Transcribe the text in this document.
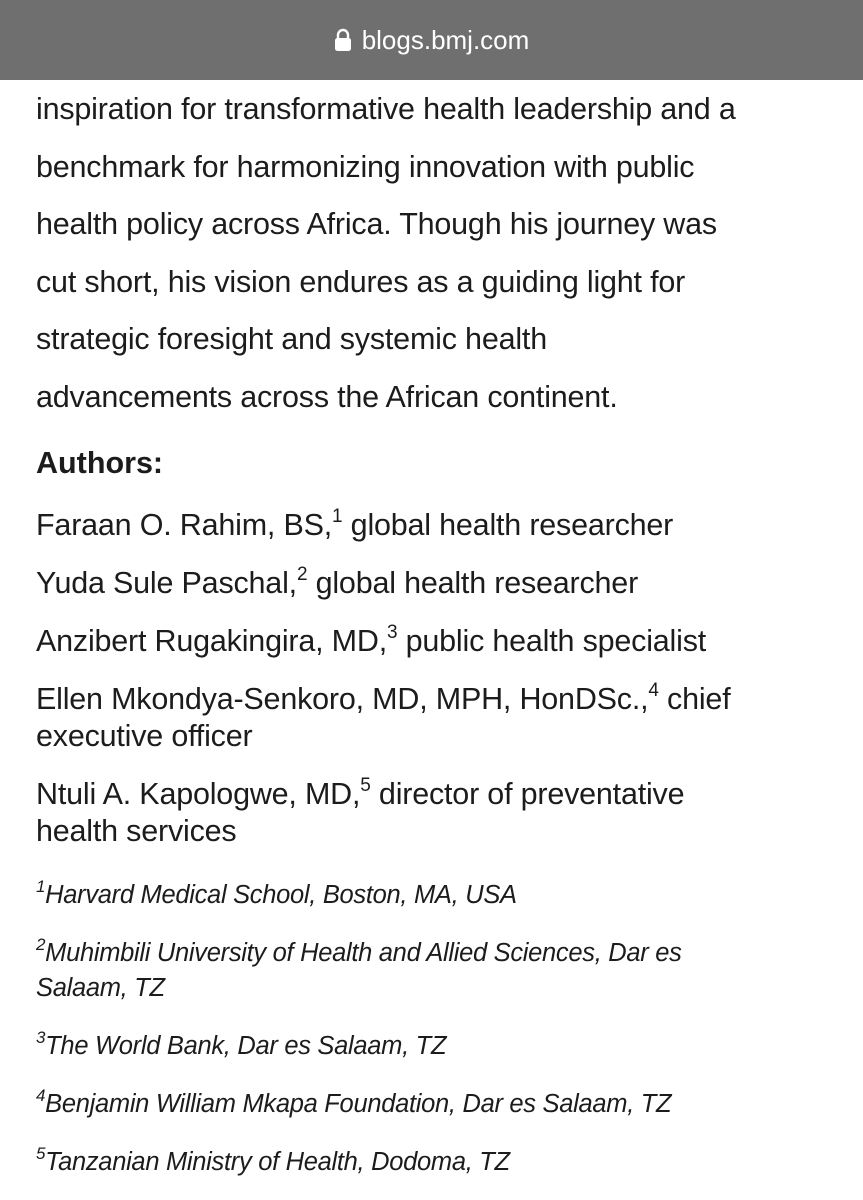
blogs.bmj.com

inspiration for transformative health leadership and a
benchmark for harmonizing innovation with public
health policy across Africa. Though his journey was
cut short, his vision endures as a guiding light for
strategic foresight and systemic health
advancements across the African continent.

Authors:
Faraan O. Rahim, BS,$^1$ global health researcher
Yuda Sule Paschal,$^2$ global health researcher
Anzibert Rugakingira, MD,$^3$ public health specialist
Ellen Mkondya-Senkoro, MD, MPH, HonDSc.,$^4$ chief
executive officer
Ntuli A. Kapologwe, MD,$^5$ director of preventative
health services
$^1$Harvard Medical School, Boston, MA, USA
$^2$Muhimbili University of Health and Allied Sciences, Dar es
Salaam, TZ
$^3$The World Bank, Dar es Salaam, TZ
$^4$Benjamin William Mkapa Foundation, Dar es Salaam, TZ
$^5$Tanzanian Ministry of Health, Dodoma, TZ
